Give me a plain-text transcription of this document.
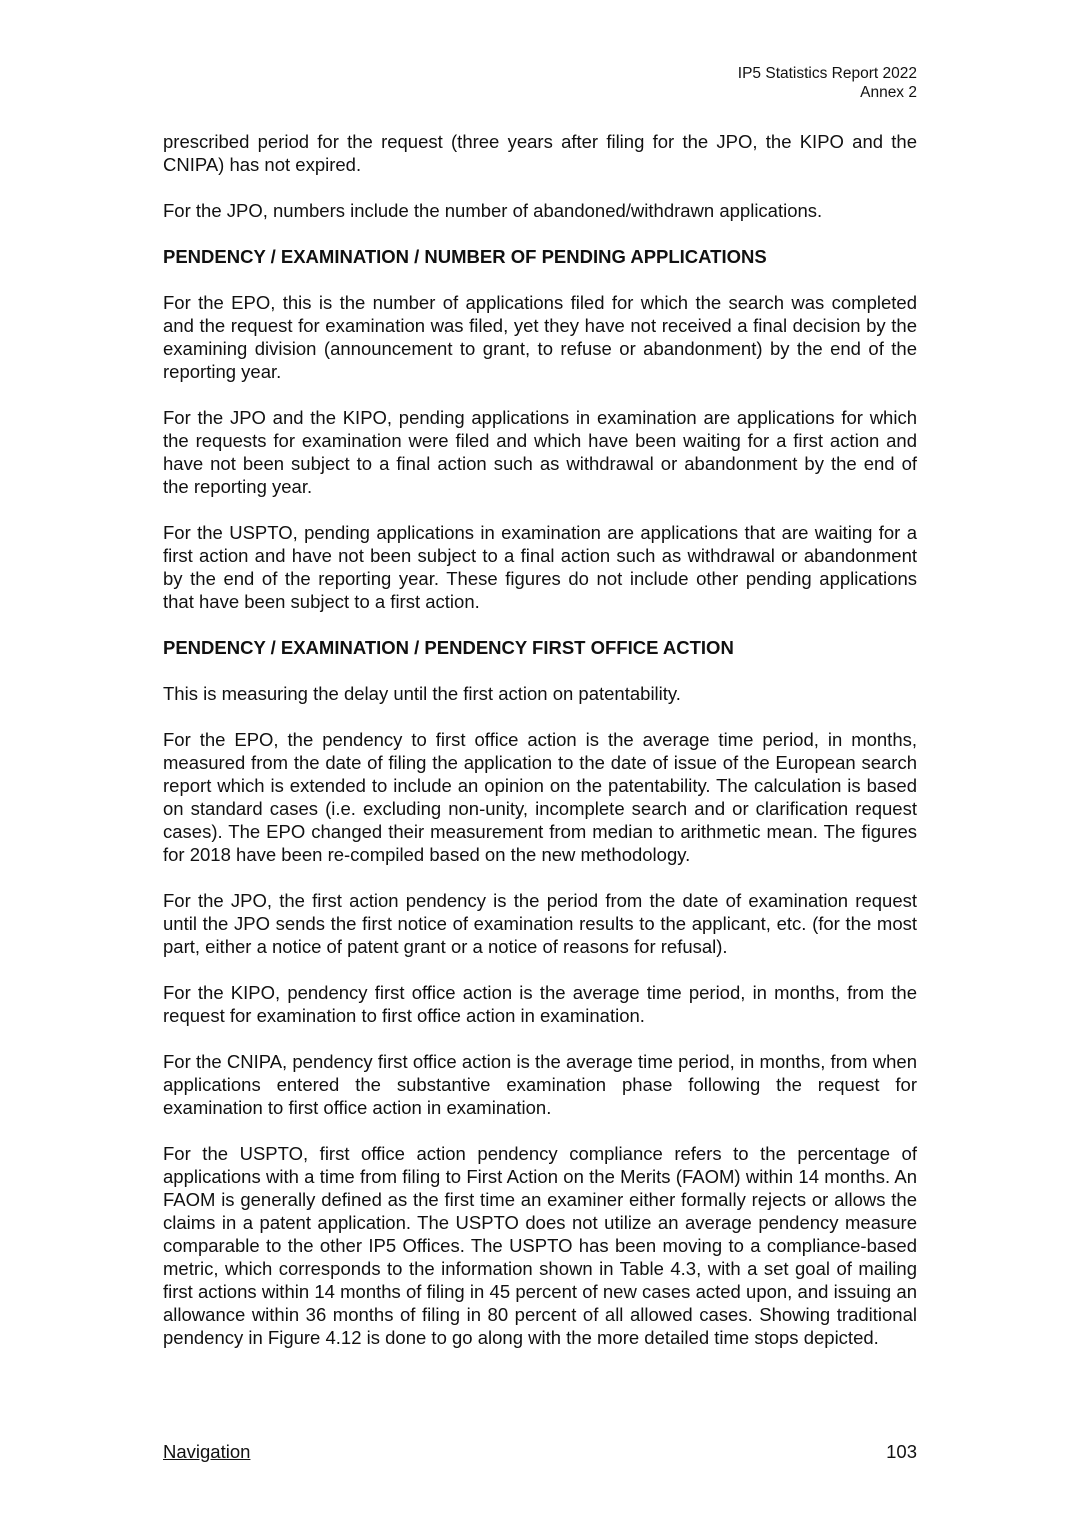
IP5 Statistics Report 2022
Annex 2

prescribed period for the request (three years after filing for the JPO, the KIPO and the CNIPA) has not expired.

For the JPO, numbers include the number of abandoned/withdrawn applications.

PENDENCY / EXAMINATION / NUMBER OF PENDING APPLICATIONS

For the EPO, this is the number of applications filed for which the search was completed and the request for examination was filed, yet they have not received a final decision by the examining division (announcement to grant, to refuse or abandonment) by the end of the reporting year.

For the JPO and the KIPO, pending applications in examination are applications for which the requests for examination were filed and which have been waiting for a first action and have not been subject to a final action such as withdrawal or abandonment by the end of the reporting year.

For the USPTO, pending applications in examination are applications that are waiting for a first action and have not been subject to a final action such as withdrawal or abandonment by the end of the reporting year. These figures do not include other pending applications that have been subject to a first action.

PENDENCY / EXAMINATION / PENDENCY FIRST OFFICE ACTION

This is measuring the delay until the first action on patentability.

For the EPO, the pendency to first office action is the average time period, in months, measured from the date of filing the application to the date of issue of the European search report which is extended to include an opinion on the patentability. The calculation is based on standard cases (i.e. excluding non-unity, incomplete search and or clarification request cases). The EPO changed their measurement from median to arithmetic mean. The figures for 2018 have been re-compiled based on the new methodology.

For the JPO, the first action pendency is the period from the date of examination request until the JPO sends the first notice of examination results to the applicant, etc. (for the most part, either a notice of patent grant or a notice of reasons for refusal).

For the KIPO, pendency first office action is the average time period, in months, from the request for examination to first office action in examination.

For the CNIPA, pendency first office action is the average time period, in months, from when applications entered the substantive examination phase following the request for examination to first office action in examination.

For the USPTO, first office action pendency compliance refers to the percentage of applications with a time from filing to First Action on the Merits (FAOM) within 14 months. An FAOM is generally defined as the first time an examiner either formally rejects or allows the claims in a patent application. The USPTO does not utilize an average pendency measure comparable to the other IP5 Offices. The USPTO has been moving to a compliance-based metric, which corresponds to the information shown in Table 4.3, with a set goal of mailing first actions within 14 months of filing in 45 percent of new cases acted upon, and issuing an allowance within 36 months of filing in 80 percent of all allowed cases. Showing traditional pendency in Figure 4.12 is done to go along with the more detailed time stops depicted.

Navigation	103
